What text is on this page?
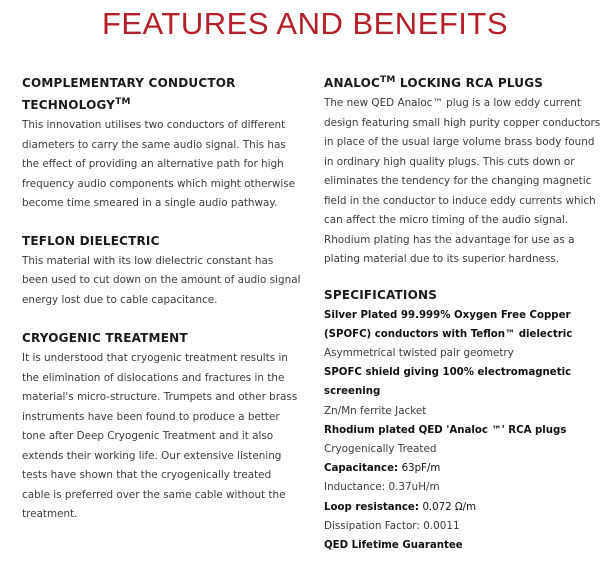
FEATURES AND BENEFITS
COMPLEMENTARY CONDUCTOR
TECHNOLOGY™

This innovation utilises two conductors of different diameters to carry the same audio signal. This has the effect of providing an alternative path for high frequency audio components which might otherwise become time smeared in a single audio pathway.

TEFLON DIELECTRIC

This material with its low dielectric constant has been used to cut down on the amount of audio signal energy lost due to cable capacitance.

CRYOGENIC TREATMENT

It is understood that cryogenic treatment results in the elimination of dislocations and fractures in the material's micro-structure. Trumpets and other brass instruments have been found to produce a better tone after Deep Cryogenic Treatment and it also extends their working life. Our extensive listening tests have shown that the cryogenically treated cable is preferred over the same cable without the treatment.

ANALOC™ LOCKING RCA PLUGS

The new QED Analoc™ plug is a low eddy current design featuring small high purity copper conductors in place of the usual large volume brass body found in ordinary high quality plugs. This cuts down or eliminates the tendency for the changing magnetic field in the conductor to induce eddy currents which can affect the micro timing of the audio signal. Rhodium plating has the advantage for use as a plating material due to its superior hardness.

SPECIFICATIONS
Silver Plated 99.999% Oxygen Free Copper (SPOFC) conductors with Teflon™ dielectric
Asymmetrical twisted pair geometry
SPOFC shield giving 100% electromagnetic screening
Zn/Mn ferrite Jacket
Rhodium plated QED 'Analoc ™' RCA plugs
Cryogenically Treated
Capacitance: 63pF/m
Inductance: 0.37uH/m
Loop resistance: 0.072 Ω/m
Dissipation Factor: 0.0011
QED Lifetime Guarantee
